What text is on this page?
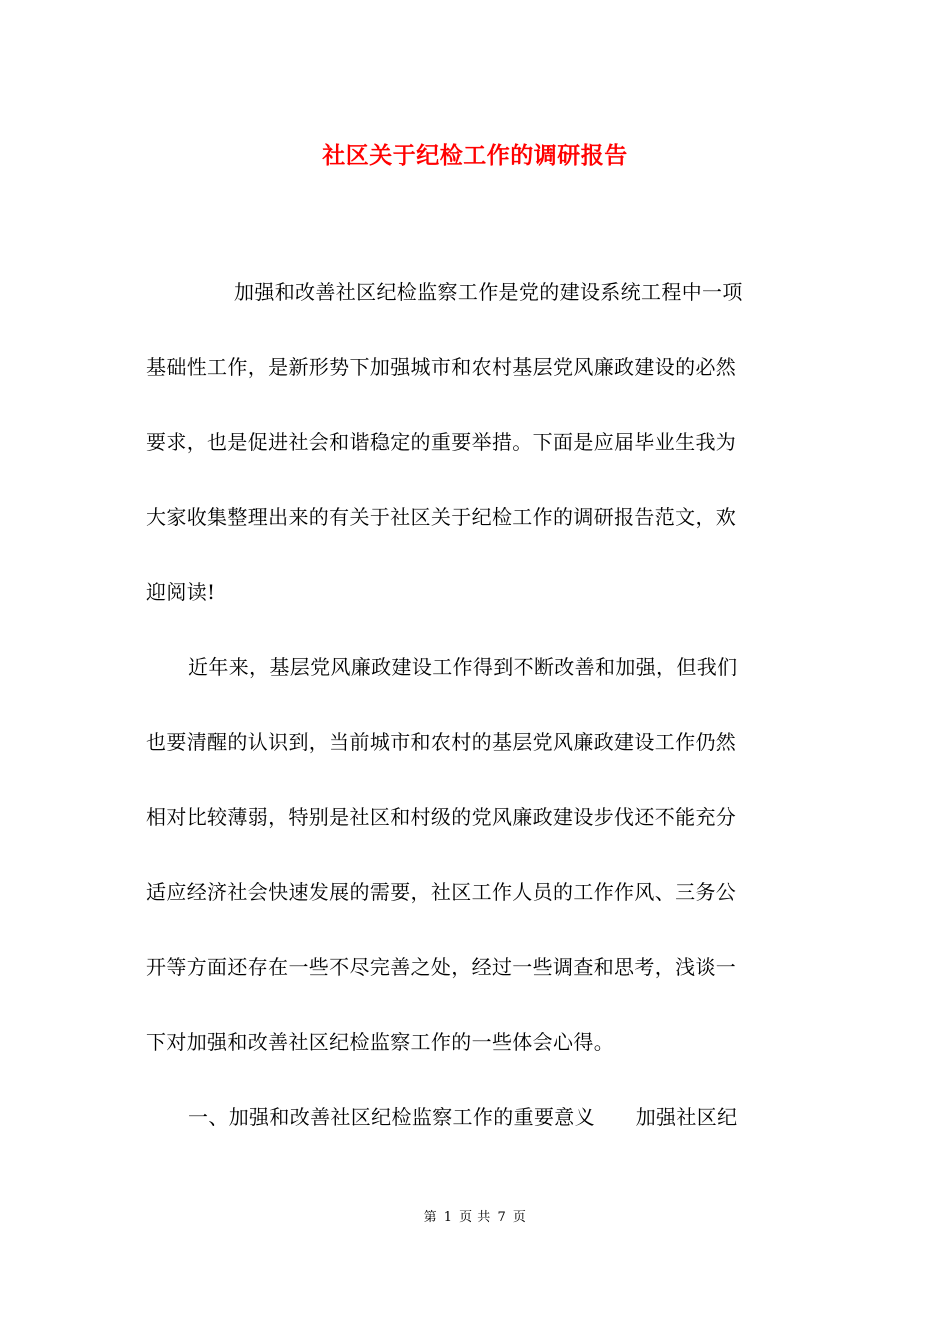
社区关于纪检工作的调研报告
加强和改善社区纪检监察工作是党的建设系统工程中一项
基础性工作，是新形势下加强城市和农村基层党风廉政建设的必然
要求，也是促进社会和谐稳定的重要举措。下面是应届毕业生我为
大家收集整理出来的有关于社区关于纪检工作的调研报告范文，欢
迎阅读!
近年来，基层党风廉政建设工作得到不断改善和加强，但我们
也要清醒的认识到，当前城市和农村的基层党风廉政建设工作仍然
相对比较薄弱，特别是社区和村级的党风廉政建设步伐还不能充分
适应经济社会快速发展的需要，社区工作人员的工作作风、三务公
开等方面还存在一些不尽完善之处，经过一些调查和思考，浅谈一
下对加强和改善社区纪检监察工作的一些体会心得。
一、加强和改善社区纪检监察工作的重要意义　　加强社区纪
第 1 页 共 7 页
